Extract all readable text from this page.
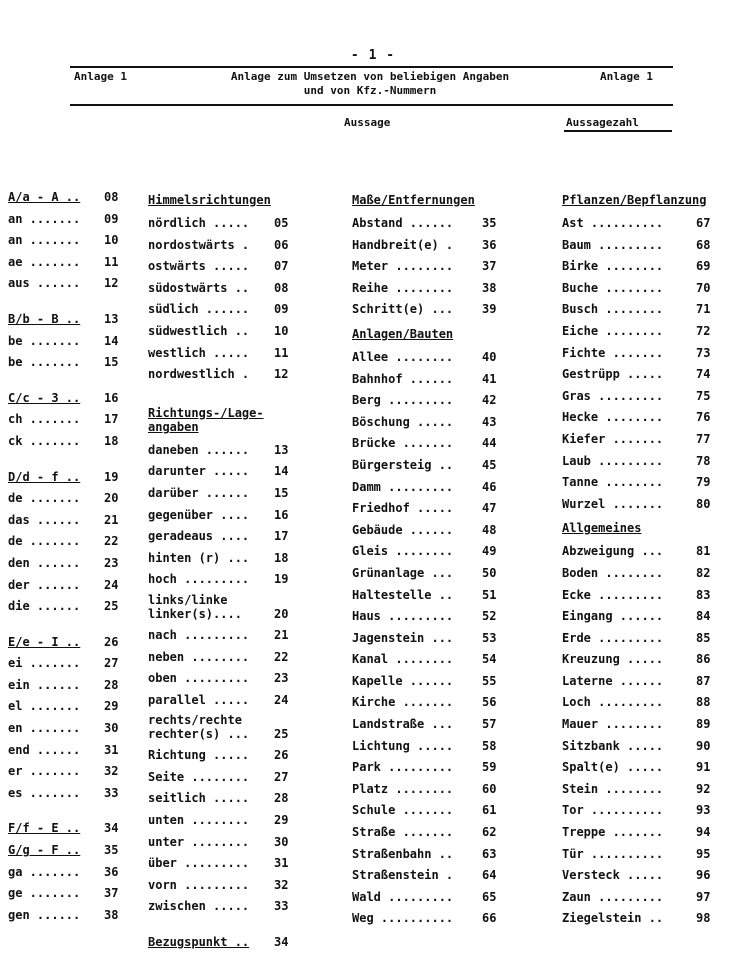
- 1 -
Anlage 1	Anlage zum Umsetzen von beliebigen Angaben
und von Kfz.-Nummern
Anlage 1
Aussage	Aussagezahl
A/a - A .. 08
an ....... 09
an ....... 10
ae ....... 11
aus ...... 12
B/b - B .. 13
be ....... 14
be ....... 15
C/c - 3 .. 16
ch ....... 17
ck ....... 18
D/d - f .. 19
de ....... 20
das ...... 21
de ....... 22
den ...... 23
der ...... 24
die ...... 25
E/e - I .. 26
ei ....... 27
ein ...... 28
el ....... 29
en ....... 30
end ...... 31
er ....... 32
es ....... 33
F/f - E .. 34
G/g - F .. 35
ga ....... 36
ge ....... 37
gen ...... 38
Himmelsrichtungen
nördlich ..... 05
nordostwärts . 06
ostwärts ..... 07
südostwärts .. 08
südlich ...... 09
südwestlich .. 10
westlich ..... 11
nordwestlich . 12
Richtungs-/Lage-angaben
daneben ...... 13
darunter ..... 14
darüber ...... 15
gegenüber .... 16
geradeaus .... 17
hinten (r) ... 18
hoch ......... 19
links/linke
linker(s)....	20
nach ......... 21
neben ........ 22
oben ......... 23
parallel ..... 24
rechts/rechte
rechter(s) ...	25
Richtung ..... 26
Seite ........ 27
seitlich ..... 28
unten ........ 29
unter ........ 30
über ......... 31
vorn ......... 32
zwischen ..... 33
Bezugspunkt .. 34
Maße/Entfernungen
Abstand ...... 35
Handbreit(e) . 36
Meter ........ 37
Reihe ........ 38
Schritt(e) ... 39
Anlagen/Bauten
Allee ........ 40
Bahnhof ...... 41
Berg ......... 42
Böschung ..... 43
Brücke ....... 44
Bürgersteig .. 45
Damm ......... 46
Friedhof ..... 47
Gebäude ...... 48
Gleis ........ 49
Grünanlage ... 50
Haltestelle .. 51
Haus ......... 52
Jagenstein ... 53
Kanal ........ 54
Kapelle ...... 55
Kirche ....... 56
Landstraße ... 57
Lichtung ..... 58
Park ......... 59
Platz ........ 60
Schule ....... 61
Straße ....... 62
Straßenbahn .. 63
Straßenstein . 64
Wald ......... 65
Weg .......... 66
Pflanzen/Bepflanzung
Ast ..........	67
Baum .........	68
Birke ........	69
Buche ........	70
Busch ........	71
Eiche ........	72
Fichte .......	73
Gestrüpp .....	74
Gras .........	75
Hecke ........	76
Kiefer .......	77
Laub .........	78
Tanne ........	79
Wurzel .......	80
Allgemeines
Abzweigung ...	81
Boden ........	82
Ecke .........	83
Eingang ......	84
Erde .........	85
Kreuzung .....	86
Laterne ......	87
Loch .........	88
Mauer ........	89
Sitzbank .....	90
Spalt(e) .....	91
Stein ........	92
Tor ..........	93
Treppe .......	94
Tür ..........	95
Versteck .....	96
Zaun .........	97
Ziegelstein ..	98
